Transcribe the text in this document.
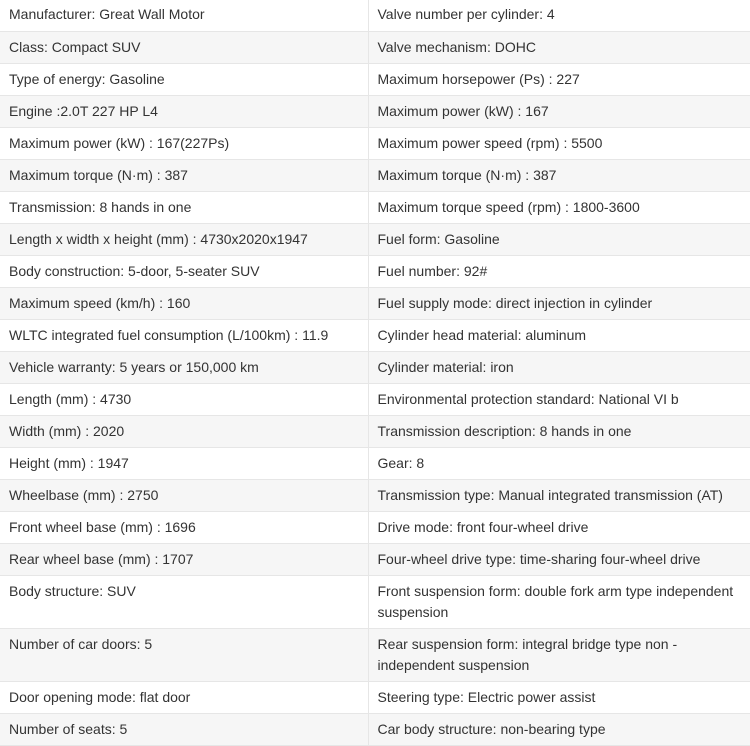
Manufacturer: Great Wall Motor	Valve number per cylinder: 4
Class: Compact SUV	Valve mechanism: DOHC
Type of energy: Gasoline	Maximum horsepower (Ps) : 227
Engine :2.0T 227 HP L4	Maximum power (kW) : 167
Maximum power (kW) : 167(227Ps)	Maximum power speed (rpm) : 5500
Maximum torque (N·m) : 387	Maximum torque (N·m) : 387
Transmission: 8 hands in one	Maximum torque speed (rpm) : 1800-3600
Length x width x height (mm) : 4730x2020x1947	Fuel form: Gasoline
Body construction: 5-door, 5-seater SUV	Fuel number: 92#
Maximum speed (km/h) : 160	Fuel supply mode: direct injection in cylinder
WLTC integrated fuel consumption (L/100km) : 11.9	Cylinder head material: aluminum
Vehicle warranty: 5 years or 150,000 km	Cylinder material: iron
Length (mm) : 4730	Environmental protection standard: National VI b
Width (mm) : 2020	Transmission description: 8 hands in one
Height (mm) : 1947	Gear: 8
Wheelbase (mm) : 2750	Transmission type: Manual integrated transmission (AT)
Front wheel base (mm) : 1696	Drive mode: front four-wheel drive
Rear wheel base (mm) : 1707	Four-wheel drive type: time-sharing four-wheel drive
Body structure: SUV	Front suspension form: double fork arm type independent suspension
Number of car doors: 5	Rear suspension form: integral bridge type non - independent suspension
Door opening mode: flat door	Steering type: Electric power assist
Number of seats: 5	Car body structure: non-bearing type
